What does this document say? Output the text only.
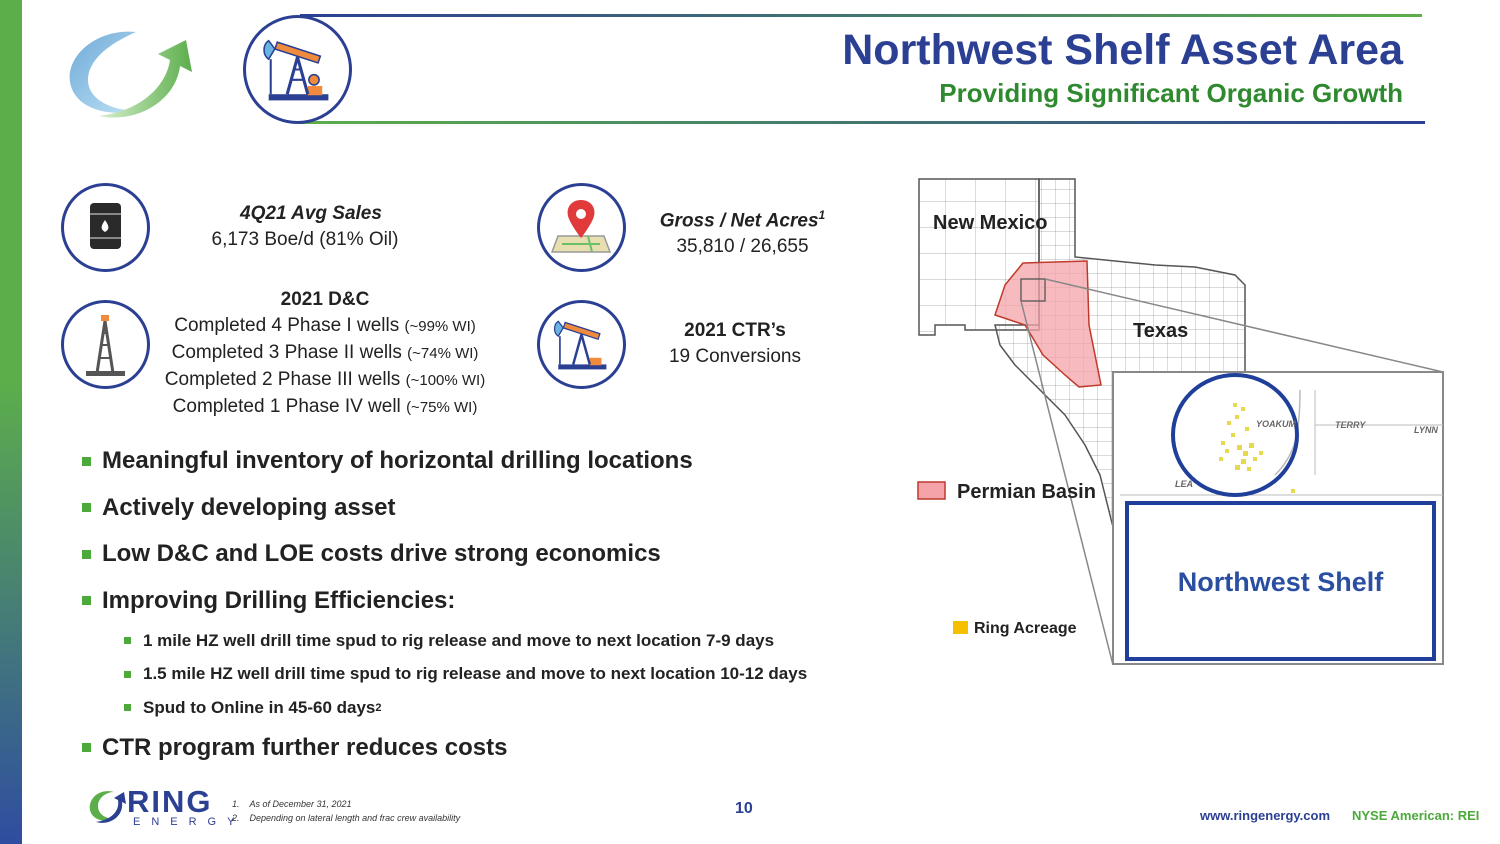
Northwest Shelf Asset Area
Providing Significant Organic Growth
4Q21 Avg Sales
6,173 Boe/d (81% Oil)
Gross / Net Acres$^1$
35,810 / 26,655
2021 D&C
Completed 4 Phase I wells (~99% WI)
Completed 3 Phase II wells (~74% WI)
Completed 2 Phase III wells (~100% WI)
Completed 1 Phase IV well (~75% WI)
2021 CTR’s
19 Conversions
Meaningful inventory of horizontal drilling locations
Actively developing asset
Low D&C and LOE costs drive strong economics
Improving Drilling Efficiencies:
1 mile HZ well drill time spud to rig release and move to next location 7-9 days
1.5 mile HZ well drill time spud to rig release and move to next location 10-12 days
Spud to Online in 45-60 days 2
CTR program further reduces costs
New Mexico
Texas
Permian Basin
YOAKUM	TERRY	LYNN
LEA
Northwest Shelf
Ring Acreage
RING
ENERGY
1.    As of December 31, 2021
2.    Depending on lateral length and frac crew availability
10	www.ringenergy.com NYSE American: REI
